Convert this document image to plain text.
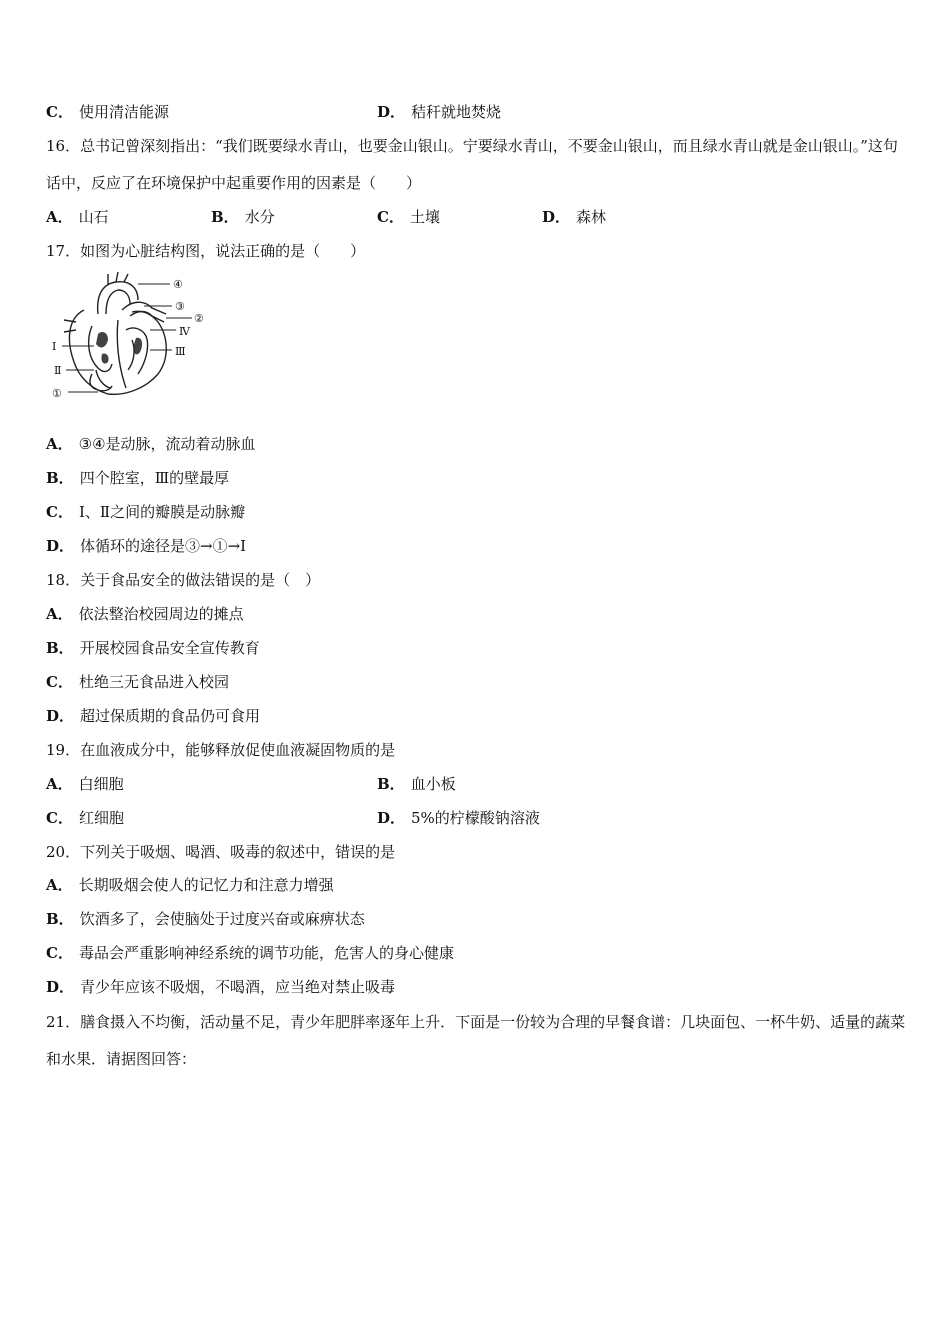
C． 使用清洁能源	D． 秸秆就地焚烧
16．总书记曾深刻指出：“我们既要绿水青山，也要金山银山。宁要绿水青山，不要金山银山，而且绿水青山就是金山银山。”这句话中，反应了在环境保护中起重要作用的因素是（　　）
A． 山石	B． 水分	C． 土壤	D． 森林
17．如图为心脏结构图，说法正确的是（　　）
④
③
②
Ⅳ
Ⅲ
Ⅰ
Ⅱ
①
A． ③④是动脉，流动着动脉血
B． 四个腔室，Ⅲ的壁最厚
C． Ⅰ、Ⅱ之间的瓣膜是动脉瓣
D． 体循环的途径是③→①→Ⅰ
18．关于食品安全的做法错误的是（　）
A． 依法整治校园周边的摊点
B． 开展校园食品安全宣传教育
C． 杜绝三无食品进入校园
D． 超过保质期的食品仍可食用
19．在血液成分中，能够释放促使血液凝固物质的是
A． 白细胞	B． 血小板
C． 红细胞	D． 5%的柠檬酸钠溶液
20．下列关于吸烟、喝酒、吸毒的叙述中，错误的是
A． 长期吸烟会使人的记忆力和注意力增强
B． 饮酒多了，会使脑处于过度兴奋或麻痹状态
C． 毒品会严重影响神经系统的调节功能，危害人的身心健康
D． 青少年应该不吸烟，不喝酒，应当绝对禁止吸毒
21．膳食摄入不均衡，活动量不足，青少年肥胖率逐年上升．下面是一份较为合理的早餐食谱：几块面包、一杯牛奶、适量的蔬菜和水果．请据图回答：
